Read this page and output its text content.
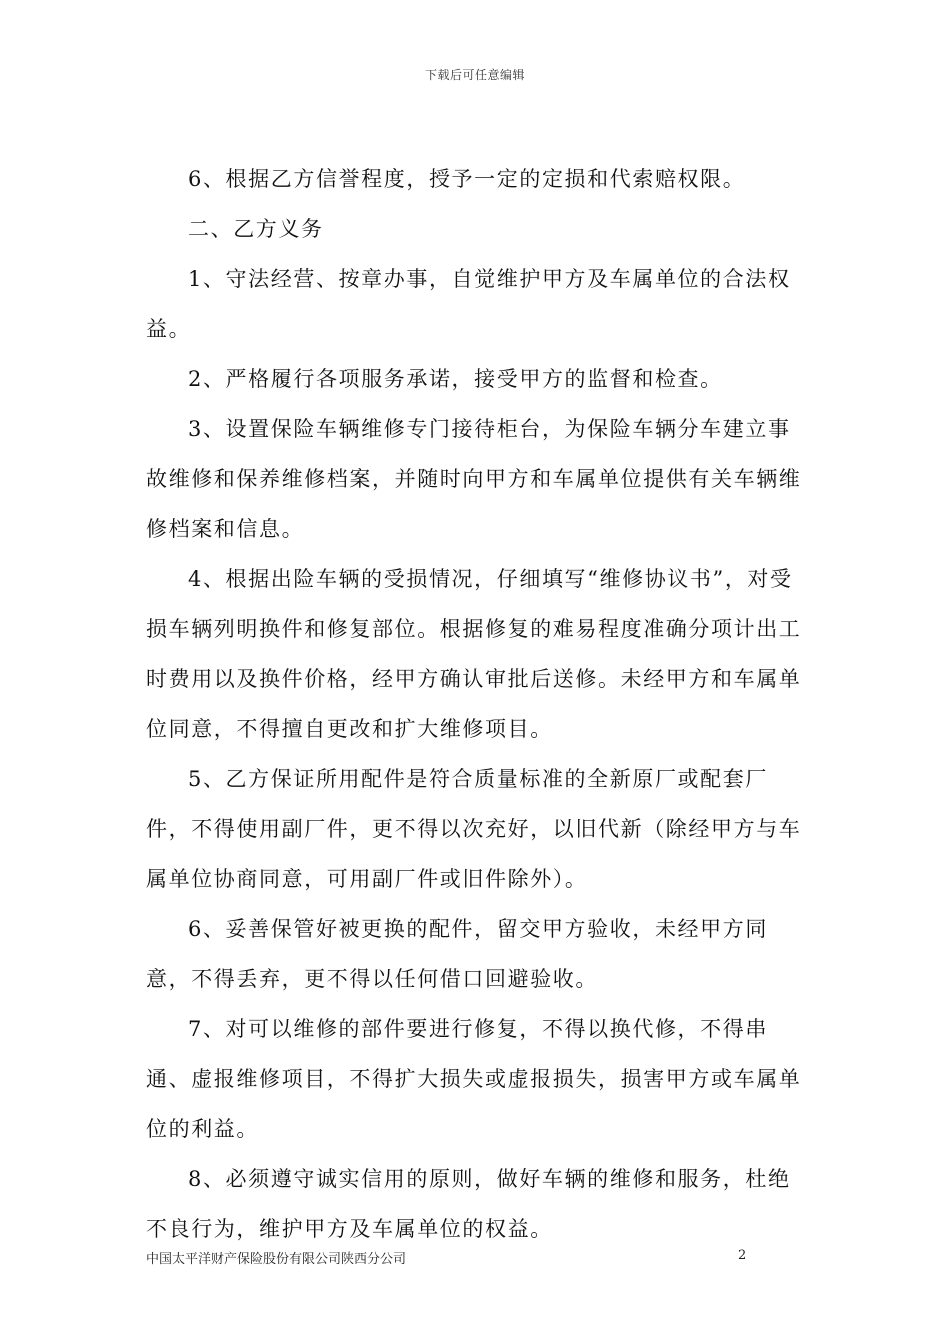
下载后可任意编辑

6、根据乙方信誉程度，授予一定的定损和代索赔权限。

二、乙方义务

1、守法经营、按章办事，自觉维护甲方及车属单位的合法权益。

2、严格履行各项服务承诺，接受甲方的监督和检查。

3、设置保险车辆维修专门接待柜台，为保险车辆分车建立事故维修和保养维修档案，并随时向甲方和车属单位提供有关车辆维修档案和信息。

4、根据出险车辆的受损情况，仔细填写“维修协议书”，对受损车辆列明换件和修复部位。根据修复的难易程度准确分项计出工时费用以及换件价格，经甲方确认审批后送修。未经甲方和车属单位同意，不得擅自更改和扩大维修项目。

5、乙方保证所用配件是符合质量标准的全新原厂或配套厂件，不得使用副厂件，更不得以次充好，以旧代新（除经甲方与车属单位协商同意，可用副厂件或旧件除外）。

6、妥善保管好被更换的配件，留交甲方验收，未经甲方同意，不得丢弃，更不得以任何借口回避验收。

7、对可以维修的部件要进行修复，不得以换代修，不得串通、虚报维修项目，不得扩大损失或虚报损失，损害甲方或车属单位的利益。

8、必须遵守诚实信用的原则，做好车辆的维修和服务，杜绝不良行为，维护甲方及车属单位的权益。

中国太平洋财产保险股份有限公司陕西分公司	2
